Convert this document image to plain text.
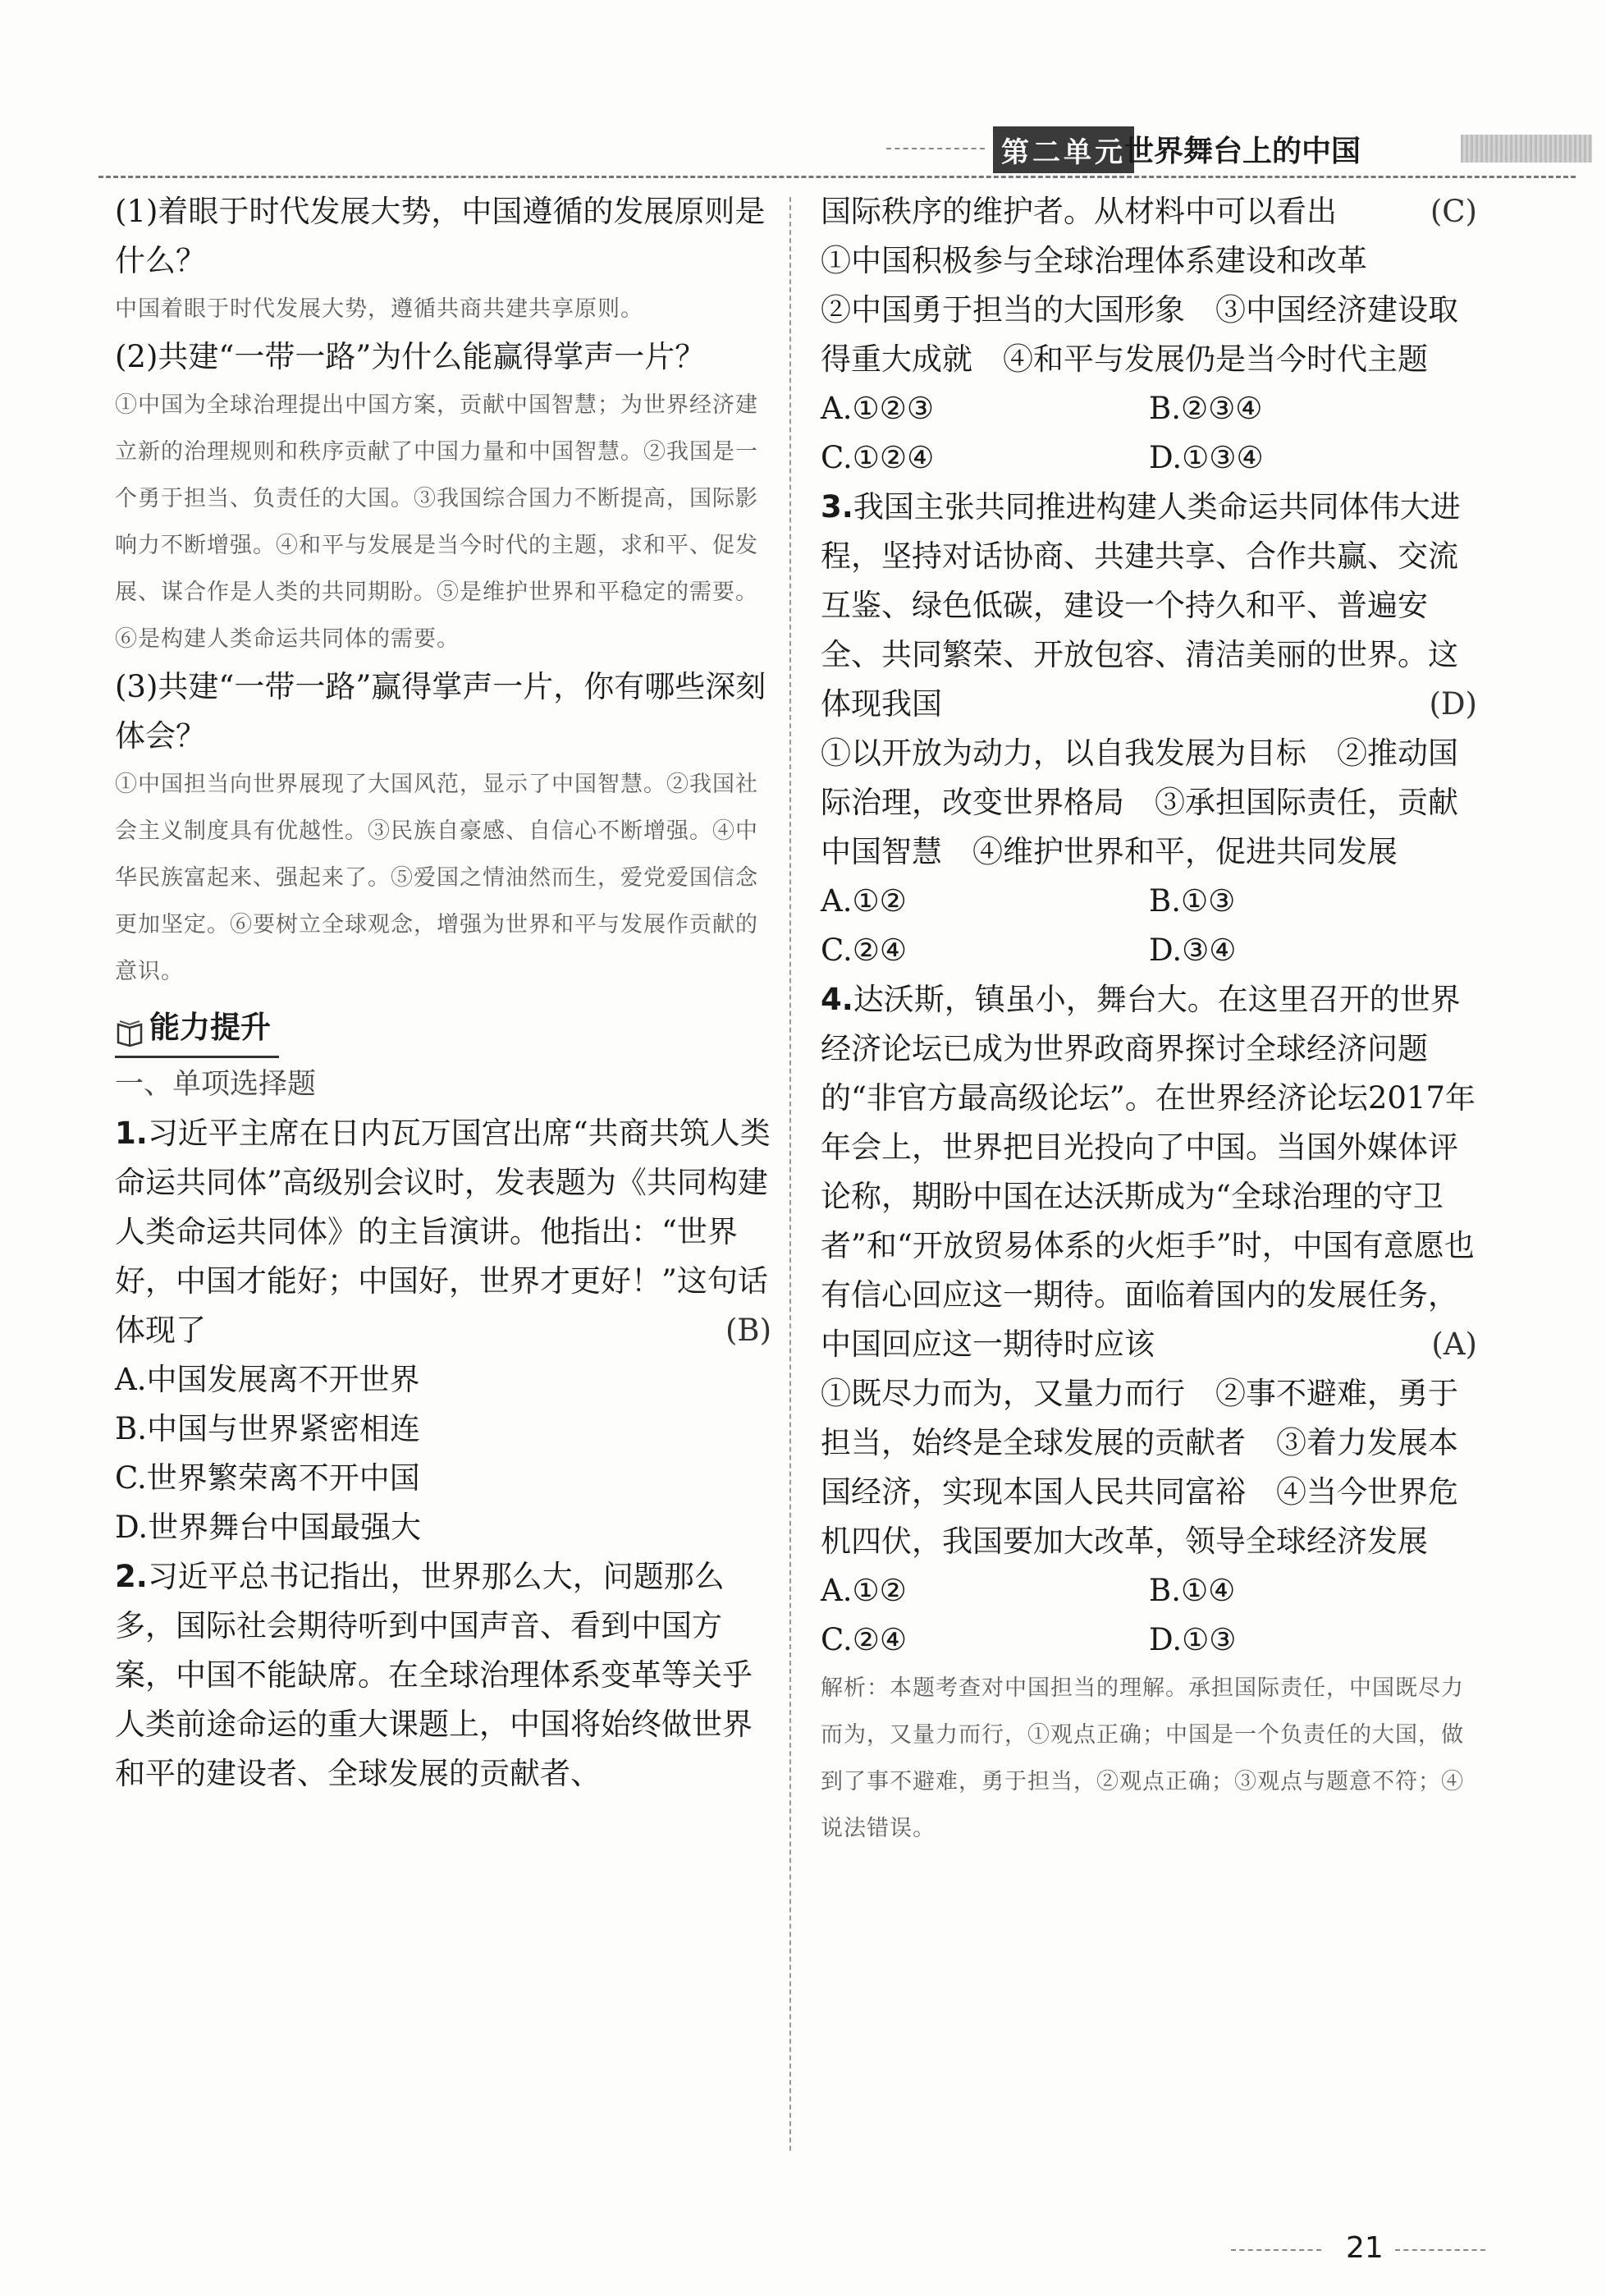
第二单元
世界舞台上的中国

(1)着眼于时代发展大势，中国遵循的发展原则是什么？

中国着眼于时代发展大势，遵循共商共建共享原则。

(2)共建“一带一路”为什么能赢得掌声一片？

①中国为全球治理提出中国方案，贡献中国智慧；为世界经济建立新的治理规则和秩序贡献了中国力量和中国智慧。②我国是一个勇于担当、负责任的大国。③我国综合国力不断提高，国际影响力不断增强。④和平与发展是当今时代的主题，求和平、促发展、谋合作是人类的共同期盼。⑤是维护世界和平稳定的需要。⑥是构建人类命运共同体的需要。

(3)共建“一带一路”赢得掌声一片，你有哪些深刻体会？

①中国担当向世界展现了大国风范，显示了中国智慧。②我国社会主义制度具有优越性。③民族自豪感、自信心不断增强。④中华民族富起来、强起来了。⑤爱国之情油然而生，爱党爱国信念更加坚定。⑥要树立全球观念，增强为世界和平与发展作贡献的意识。

能力提升

一、单项选择题

1.习近平主席在日内瓦万国宫出席“共商共筑人类命运共同体”高级别会议时，发表题为《共同构建人类命运共同体》的主旨演讲。他指出：“世界好，中国才能好；中国好，世界才更好！”这句话体现了	(B)

A.中国发展离不开世界

B.中国与世界紧密相连

C.世界繁荣离不开中国

D.世界舞台中国最强大

2.习近平总书记指出，世界那么大，问题那么多，国际社会期待听到中国声音、看到中国方案，中国不能缺席。在全球治理体系变革等关乎人类前途命运的重大课题上，中国将始终做世界和平的建设者、全球发展的贡献者、

国际秩序的维护者。从材料中可以看出	(C)

①中国积极参与全球治理体系建设和改革

②中国勇于担当的大国形象　③中国经济建设取得重大成就　④和平与发展仍是当今时代主题

A.①②③	B.②③④
C.①②④	D.①③④

3.我国主张共同推进构建人类命运共同体伟大进程，坚持对话协商、共建共享、合作共赢、交流互鉴、绿色低碳，建设一个持久和平、普遍安全、共同繁荣、开放包容、清洁美丽的世界。这体现我国	(D)

①以开放为动力，以自我发展为目标　②推动国际治理，改变世界格局　③承担国际责任，贡献中国智慧　④维护世界和平，促进共同发展

A.①②	B.①③
C.②④	D.③④

4.达沃斯，镇虽小，舞台大。在这里召开的世界经济论坛已成为世界政商界探讨全球经济问题的“非官方最高级论坛”。在世界经济论坛2017年年会上，世界把目光投向了中国。当国外媒体评论称，期盼中国在达沃斯成为“全球治理的守卫者”和“开放贸易体系的火炬手”时，中国有意愿也有信心回应这一期待。面临着国内的发展任务，中国回应这一期待时应该	(A)

①既尽力而为，又量力而行　②事不避难，勇于担当，始终是全球发展的贡献者　③着力发展本国经济，实现本国人民共同富裕　④当今世界危机四伏，我国要加大改革，领导全球经济发展

A.①②	B.①④
C.②④	D.①③

解析：本题考查对中国担当的理解。承担国际责任，中国既尽力而为，又量力而行，①观点正确；中国是一个负责任的大国，做到了事不避难，勇于担当，②观点正确；③观点与题意不符；④说法错误。

21
